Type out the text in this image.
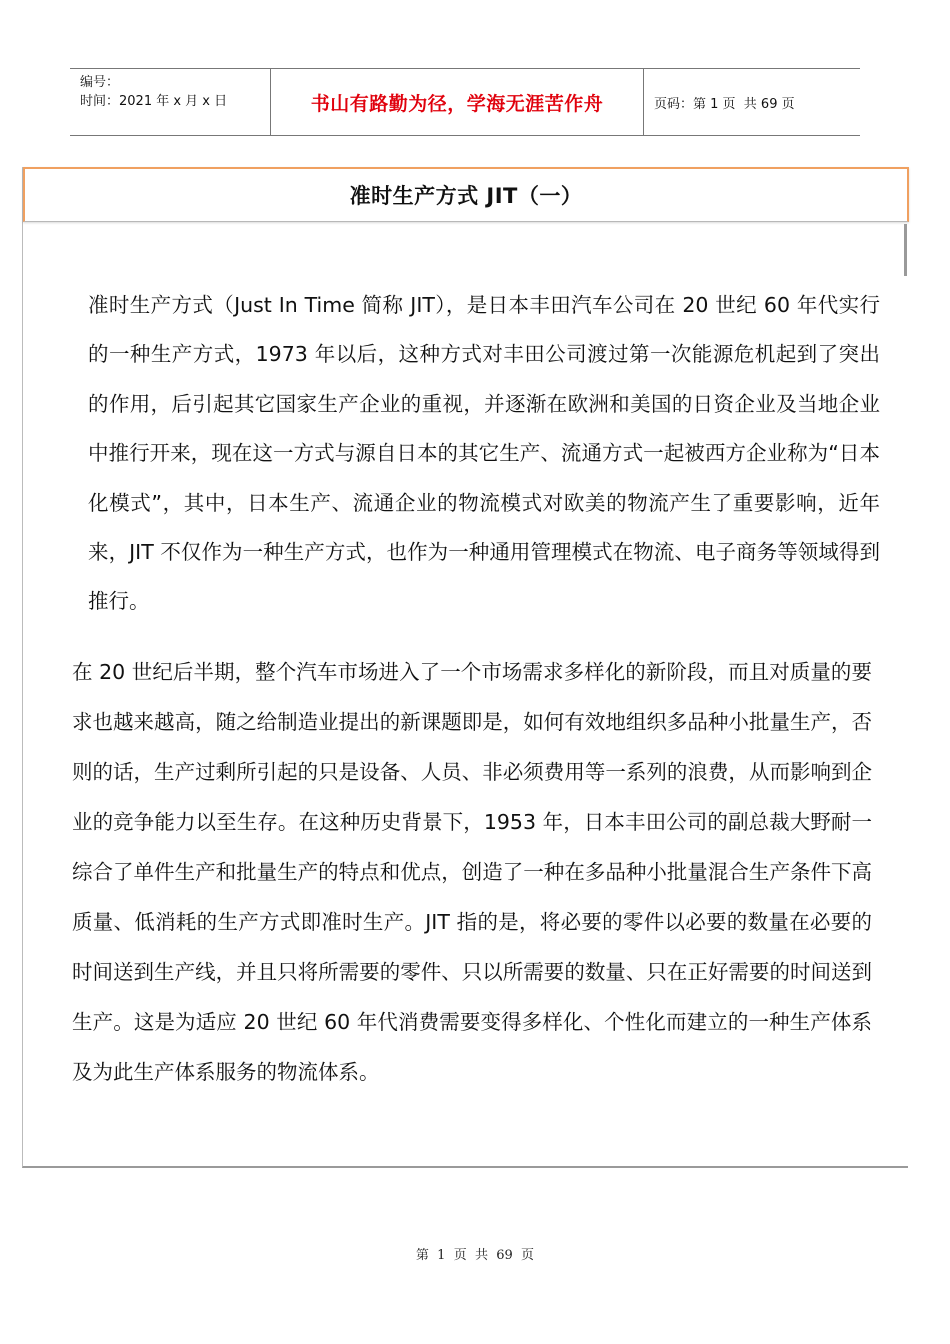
编号：
时间：2021 年 x 月 x 日	书山有路勤为径，学海无涯苦作舟	页码：第 1 页  共 69 页
准时生产方式 JIT（一）
准时生产方式（Just In Time 简称 JIT），是日本丰田汽车公司在 20 世纪 60 年代实行的一种生产方式，1973 年以后，这种方式对丰田公司渡过第一次能源危机起到了突出的作用，后引起其它国家生产企业的重视，并逐渐在欧洲和美国的日资企业及当地企业中推行开来，现在这一方式与源自日本的其它生产、流通方式一起被西方企业称为“日本化模式”，其中，日本生产、流通企业的物流模式对欧美的物流产生了重要影响，近年来，JIT 不仅作为一种生产方式，也作为一种通用管理模式在物流、电子商务等领域得到推行。
在 20 世纪后半期，整个汽车市场进入了一个市场需求多样化的新阶段，而且对质量的要求也越来越高，随之给制造业提出的新课题即是，如何有效地组织多品种小批量生产，否则的话，生产过剩所引起的只是设备、人员、非必须费用等一系列的浪费，从而影响到企业的竞争能力以至生存。在这种历史背景下，1953 年，日本丰田公司的副总裁大野耐一综合了单件生产和批量生产的特点和优点，创造了一种在多品种小批量混合生产条件下高质量、低消耗的生产方式即准时生产。JIT 指的是，将必要的零件以必要的数量在必要的时间送到生产线，并且只将所需要的零件、只以所需要的数量、只在正好需要的时间送到生产。这是为适应 20 世纪 60 年代消费需要变得多样化、个性化而建立的一种生产体系及为此生产体系服务的物流体系。
第  1  页  共  69  页
